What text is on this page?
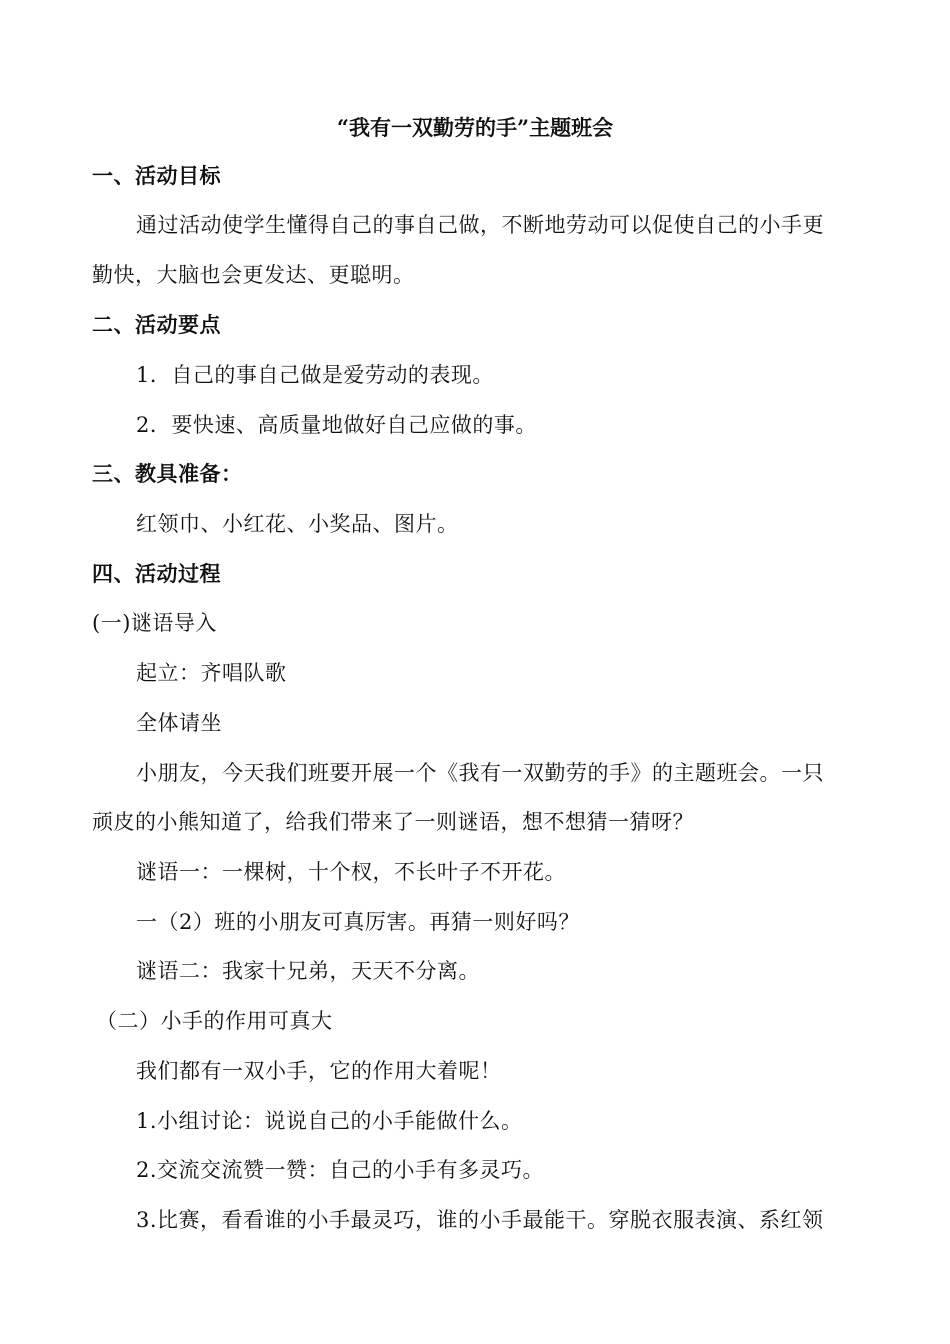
“我有一双勤劳的手”主题班会
一、活动目标
通过活动使学生懂得自己的事自己做，不断地劳动可以促使自己的小手更
勤快，大脑也会更发达、更聪明。
二、活动要点
1．自己的事自己做是爱劳动的表现。
2．要快速、高质量地做好自己应做的事。
三、教具准备：
红领巾、小红花、小奖品、图片。
四、活动过程
(一)谜语导入
起立：齐唱队歌
全体请坐
小朋友，今天我们班要开展一个《我有一双勤劳的手》的主题班会。一只
顽皮的小熊知道了，给我们带来了一则谜语，想不想猜一猜呀？
谜语一：一棵树，十个杈，不长叶子不开花。
一（2）班的小朋友可真厉害。再猜一则好吗？
谜语二：我家十兄弟，天天不分离。
（二）小手的作用可真大
我们都有一双小手，它的作用大着呢！
1.小组讨论：说说自己的小手能做什么。
2.交流交流赞一赞：自己的小手有多灵巧。
3.比赛，看看谁的小手最灵巧，谁的小手最能干。穿脱衣服表演、系红领
